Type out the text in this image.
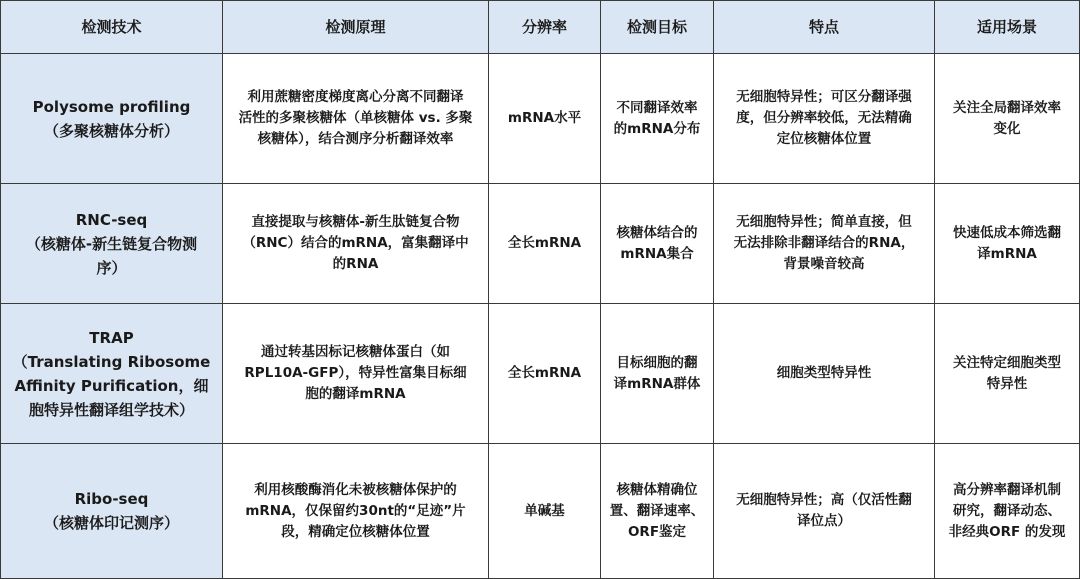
检测技术	检测原理	分辨率	检测目标	特点	适用场景

Polysome profiling
（多聚核糖体分析）	利用蔗糖密度梯度离心分离不同翻译
活性的多聚核糖体（单核糖体 vs. 多聚
核糖体），结合测序分析翻译效率	mRNA水平	不同翻译效率
的mRNA分布	无细胞特异性；可区分翻译强
度，但分辨率较低，无法精确
定位核糖体位置	关注全局翻译效率
变化

RNC-seq
（核糖体-新生链复合物测
序）	直接提取与核糖体-新生肽链复合物
（RNC）结合的mRNA，富集翻译中
的RNA	全长mRNA	核糖体结合的
mRNA集合	无细胞特异性；简单直接，但
无法排除非翻译结合的RNA，
背景噪音较高	快速低成本筛选翻
译mRNA

TRAP
（Translating Ribosome
Affinity Purification，细
胞特异性翻译组学技术）	通过转基因标记核糖体蛋白（如
RPL10A-GFP），特异性富集目标细
胞的翻译mRNA	全长mRNA	目标细胞的翻
译mRNA群体	细胞类型特异性	关注特定细胞类型
特异性

Ribo-seq
（核糖体印记测序）	利用核酸酶消化未被核糖体保护的
mRNA，仅保留约30nt的“足迹”片
段，精确定位核糖体位置	单碱基	核糖体精确位
置、翻译速率、
ORF鉴定	无细胞特异性；高（仅活性翻
译位点）	高分辨率翻译机制
研究，翻译动态、
非经典ORF 的发现
